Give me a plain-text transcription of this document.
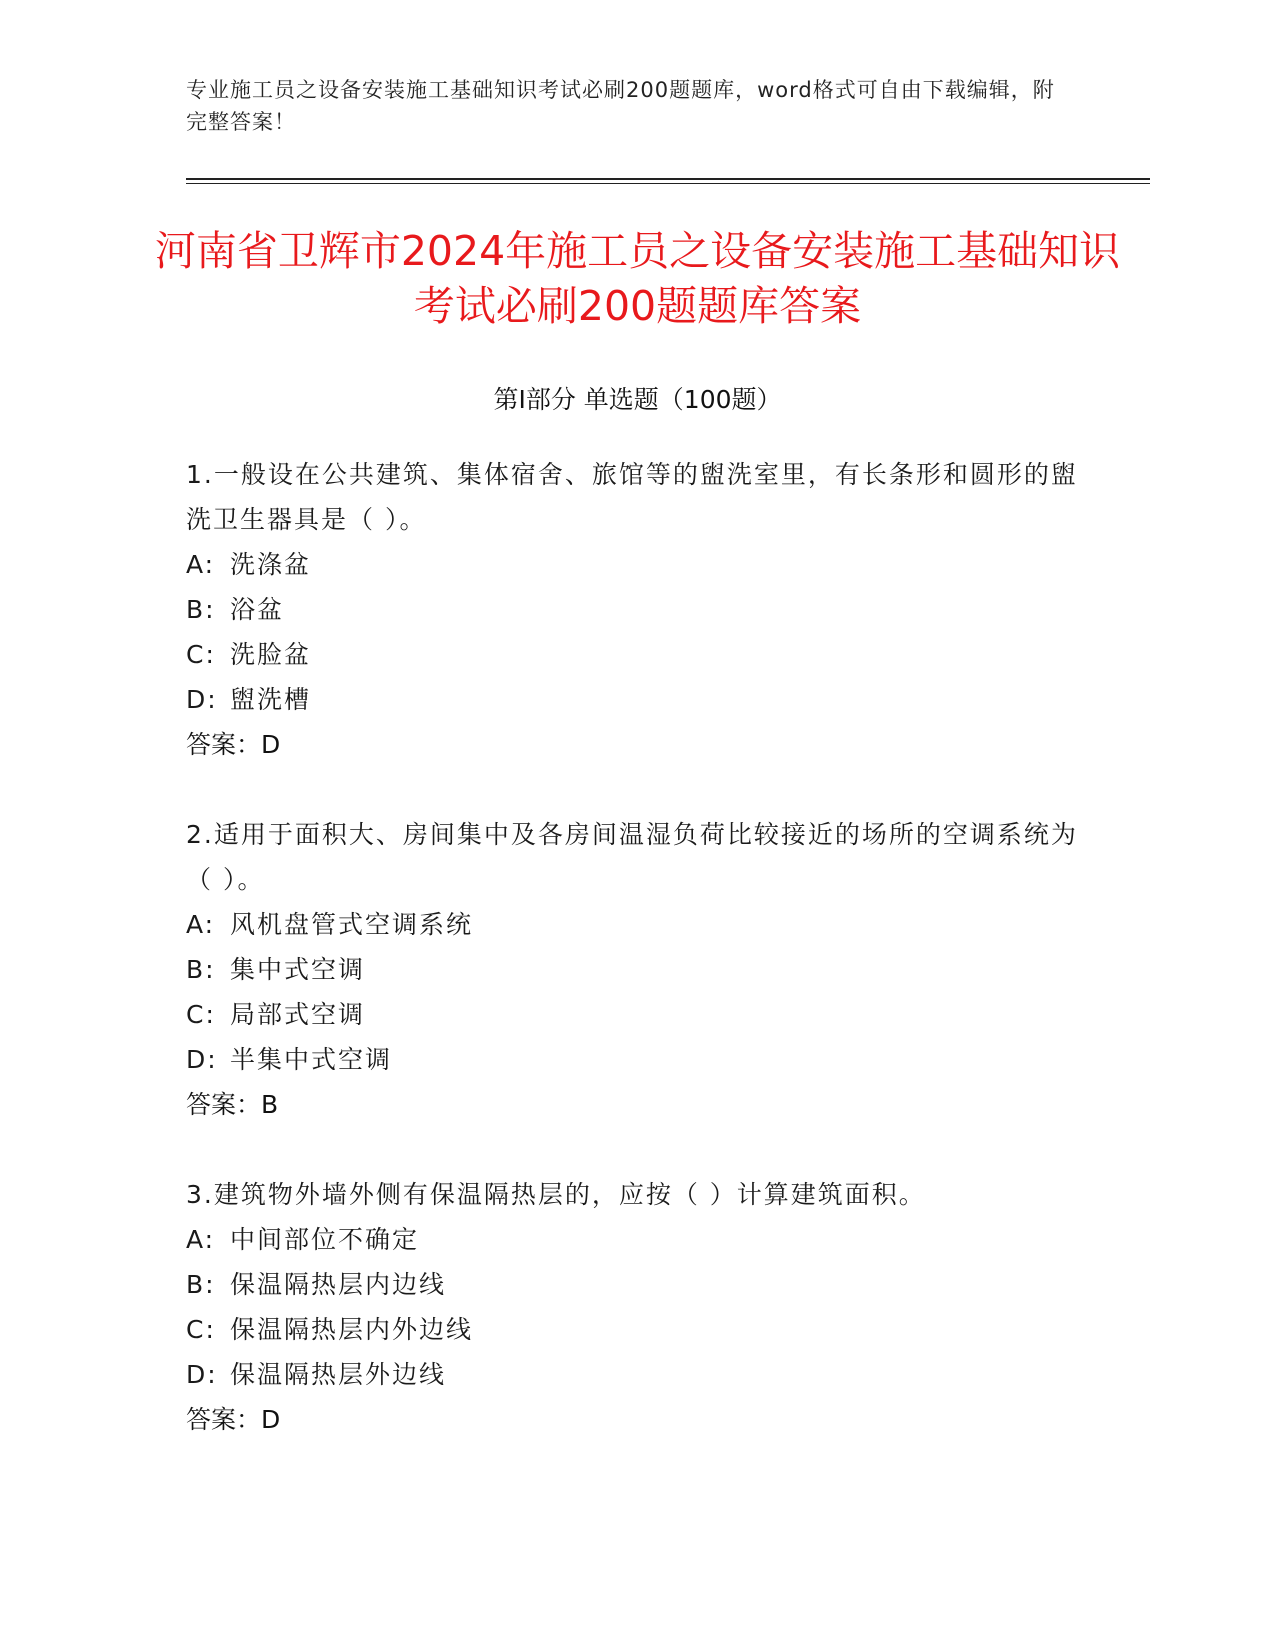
专业施工员之设备安装施工基础知识考试必刷200题题库，word格式可自由下载编辑，附完整答案！
河南省卫辉市2024年施工员之设备安装施工基础知识考试必刷200题题库答案
第Ⅰ部分 单选题（100题）
1.一般设在公共建筑、集体宿舍、旅馆等的盥洗室里，有长条形和圆形的盥洗卫生器具是（ ）。
A: 洗涤盆
B: 浴盆
C: 洗脸盆
D: 盥洗槽
答案：D
2.适用于面积大、房间集中及各房间温湿负荷比较接近的场所的空调系统为（ ）。
A: 风机盘管式空调系统
B: 集中式空调
C: 局部式空调
D: 半集中式空调
答案：B
3.建筑物外墙外侧有保温隔热层的，应按（ ）计算建筑面积。
A: 中间部位不确定
B: 保温隔热层内边线
C: 保温隔热层内外边线
D: 保温隔热层外边线
答案：D
